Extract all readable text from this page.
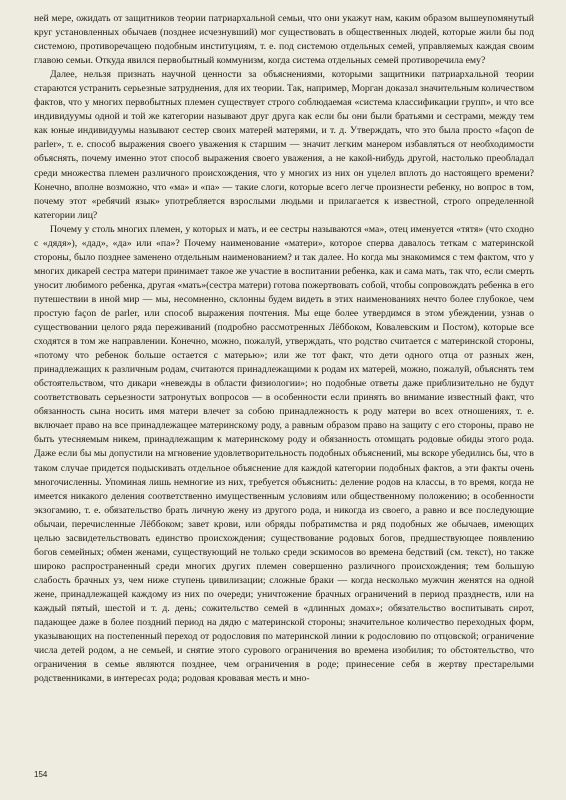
ней мере, ожидать от защитников теории патриархальной семьи, что они укажут нам, каким образом вышеупомянутый круг установленных обычаев (позднее исчезнувший) мог существовать в общественных людей, которые жили бы под системою, противоречащею подобным институциям, т. е. под системою отдельных семей, управляемых каждая своим главою семьи. Откуда явился первобытный коммунизм, когда система отдельных семей противоречила ему?

Далее, нельзя признать научной ценности за объяснениями, которыми защитники патриархальной теории стараются устранить серьезные затруднения, для их теории. Так, например, Морган доказал значительным количеством фактов, что у многих первобытных племен существует строго соблюдаемая «система классификации групп», и что все индивидуумы одной и той же категории называют друг друга как если бы они были братьями и сестрами, между тем как юные индивидуумы называют сестер своих матерей матерями, и т. д. Утверждать, что это была просто «façon de parler», т. е. способ выражения своего уважения к старшим — значит легким манером избавляться от необходимости объяснять, почему именно этот способ выражения своего уважения, а не какой-нибудь другой, настолько преобладал среди множества племен различного происхождения, что у многих из них он уцелел вплоть до настоящего времени? Конечно, вполне возможно, что «ма» и «па» — такие слоги, которые всего легче произнести ребенку, но вопрос в том, почему этот «ребячий язык» употребляется взрослыми людьми и прилагается к известной, строго определенной категории лиц?

Почему у столь многих племен, у которых и мать, и ее сестры называются «ма», отец именуется «тятя» (что сходно с «дядя»), «дад», «да» или «па»? Почему наименование «матери», которое сперва давалось теткам с материнской стороны, было позднее заменено отдельным наименованием? и так далее. Но когда мы знакомимся с тем фактом, что у многих дикарей сестра матери принимает такое же участие в воспитании ребенка, как и сама мать, так что, если смерть уносит любимого ребенка, другая «мать»(сестра матери) готова пожертвовать собой, чтобы сопровождать ребенка в его путешествии в иной мир — мы, несомненно, склонны будем видеть в этих наименованиях нечто более глубокое, чем простую façon de parler, или способ выражения почтения. Мы еще более утвердимся в этом убеждении, узнав о существовании целого ряда переживаний (подробно рассмотренных Лёббоком, Ковалевским и Постом), которые все сходятся в том же направлении. Конечно, можно, пожалуй, утверждать, что родство считается с материнской стороны, «потому что ребенок больше остается с матерью»; или же тот факт, что дети одного отца от разных жен, принадлежащих к различным родам, считаются принадлежащими к родам их матерей, можно, пожалуй, объяснять тем обстоятельством, что дикари «невежды в области физиологии»; но подобные ответы даже приблизительно не будут соответствовать серьезности затронутых вопросов — в особенности если принять во внимание известный факт, что обязанность сына носить имя матери влечет за собою принадлежность к роду матери во всех отношениях, т. е. включает право на все принадлежащее материнскому роду, а равным образом право на защиту с его стороны, право не быть утесняемым никем, принадлежащим к материнскому роду и обязанность отомщать родовые обиды этого рода. Даже если бы мы допустили на мгновение удовлетворительность подобных объяснений, мы вскоре убедились бы, что в таком случае придется подыскивать отдельное объяснение для каждой категории подобных фактов, а эти факты очень многочисленны. Упоминая лишь немногие из них, требуется объяснить: деление родов на классы, в то время, когда не имеется никакого деления соответственно имущественным условиям или общественному положению; в особенности экзогамию, т. е. обязательство брать личную жену из другого рода, и никогда из своего, а равно и все последующие обычаи, перечисленные Лёббоком; завет крови, или обряды побратимства и ряд подобных же обычаев, имеющих целью засвидетельствовать единство происхождения; существование родовых богов, предшествующее появлению богов семейных; обмен женами, существующий не только среди эскимосов во времена бедствий (см. текст), но также широко распространенный среди многих других племен совершенно различного происхождения; тем большую слабость брачных уз, чем ниже ступень цивилизации; сложные браки — когда несколько мужчин женятся на одной жене, принадлежащей каждому из них по очереди; уничтожение брачных ограничений в период празднеств, или на каждый пятый, шестой и т. д. день; сожительство семей в «длинных домах»; обязательство воспитывать сирот, падающее даже в более поздний период на дядю с материнской стороны; значительное количество переходных форм, указывающих на постепенный переход от родословия по материнской линии к родословию по отцовской; ограничение числа детей родом, а не семьей, и снятие этого сурового ограничения во времена изобилия; то обстоятельство, что ограничения в семье являются позднее, чем ограничения в роде; принесение себя в жертву престарелыми родственниками, в интересах рода; родовая кровавая месть и мно-

154
